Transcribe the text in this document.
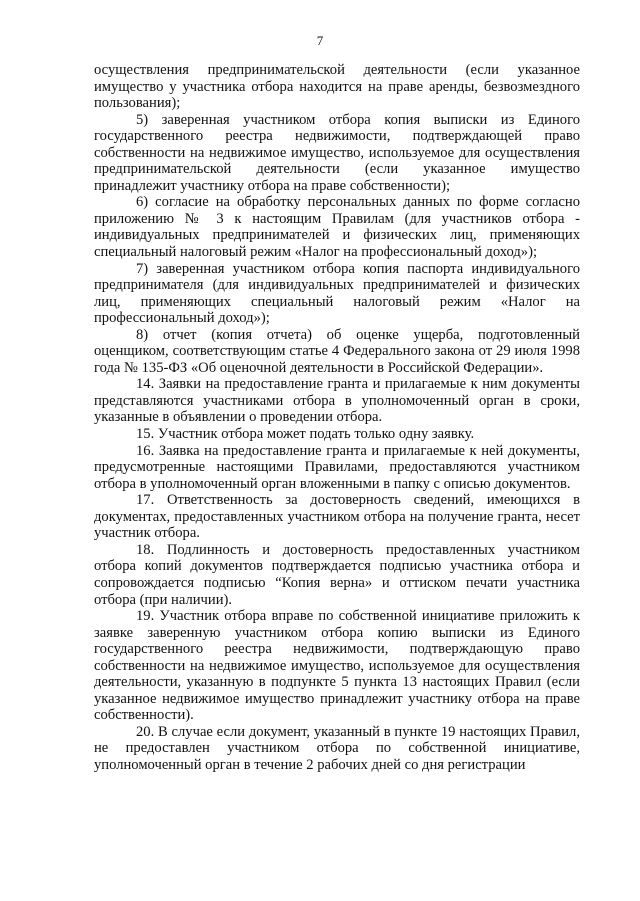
7

осуществления предпринимательской деятельности (если указанное имущество у участника отбора находится на праве аренды, безвозмездного пользования);

5) заверенная участником отбора копия выписки из Единого государственного реестра недвижимости, подтверждающей право собственности на недвижимое имущество, используемое для осуществления предпринимательской деятельности (если указанное имущество принадлежит участнику отбора на праве собственности);

6) согласие на обработку персональных данных по форме согласно приложению № 3 к настоящим Правилам (для участников отбора - индивидуальных предпринимателей и физических лиц, применяющих специальный налоговый режим «Налог на профессиональный доход»);

7) заверенная участником отбора копия паспорта индивидуального предпринимателя (для индивидуальных предпринимателей и физических лиц, применяющих специальный налоговый режим «Налог на профессиональный доход»);

8) отчет (копия отчета) об оценке ущерба, подготовленный оценщиком, соответствующим статье 4 Федерального закона от 29 июля 1998 года № 135-ФЗ «Об оценочной деятельности в Российской Федерации».

14. Заявки на предоставление гранта и прилагаемые к ним документы представляются участниками отбора в уполномоченный орган в сроки, указанные в объявлении о проведении отбора.

15. Участник отбора может подать только одну заявку.

16. Заявка на предоставление гранта и прилагаемые к ней документы, предусмотренные настоящими Правилами, предоставляются участником отбора в уполномоченный орган вложенными в папку с описью документов.

17. Ответственность за достоверность сведений, имеющихся в документах, предоставленных участником отбора на получение гранта, несет участник отбора.

18. Подлинность и достоверность предоставленных участником отбора копий документов подтверждается подписью участника отбора и сопровождается подписью “Копия верна» и оттиском печати участника отбора (при наличии).

19. Участник отбора вправе по собственной инициативе приложить к заявке заверенную участником отбора копию выписки из Единого государственного реестра недвижимости, подтверждающую право собственности на недвижимое имущество, используемое для осуществления деятельности, указанную в подпункте 5 пункта 13 настоящих Правил (если указанное недвижимое имущество принадлежит участнику отбора на праве собственности).

20. В случае если документ, указанный в пункте 19 настоящих Правил, не предоставлен участником отбора по собственной инициативе, уполномоченный орган в течение 2 рабочих дней со дня регистрации
